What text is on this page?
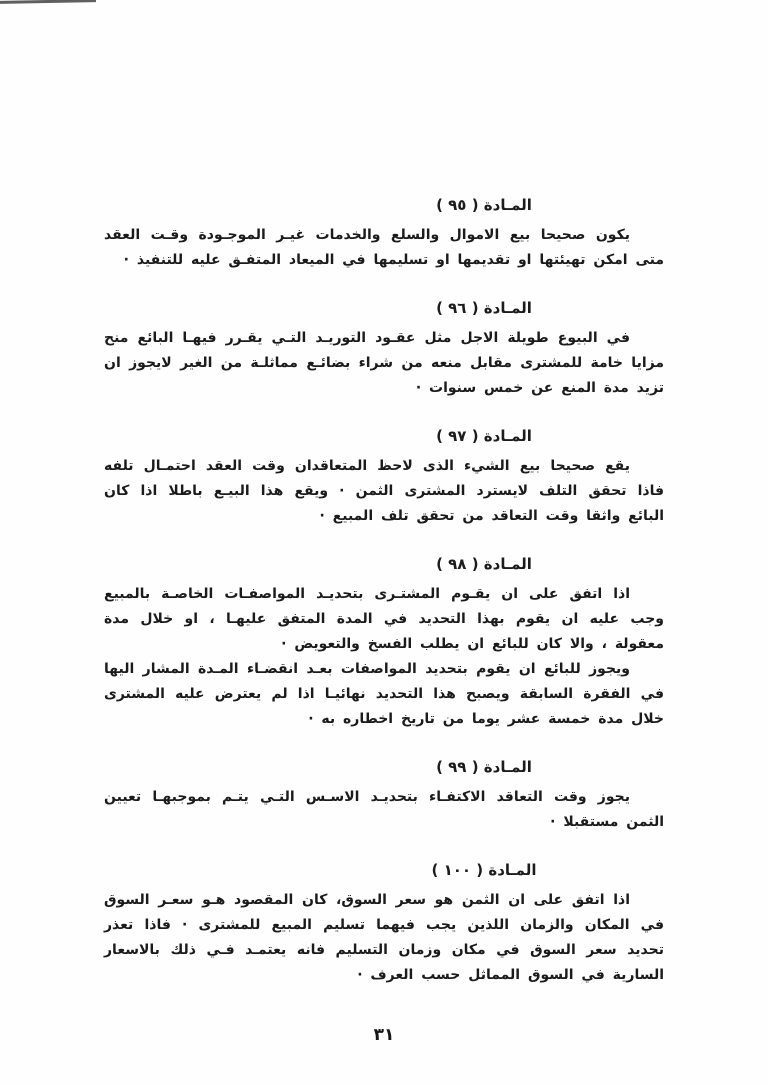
المـادة ( ٩٥ )

يكون صحيحا بيع الاموال والسلع والخدمات غيـر الموجـودة وقـت العقد متى امكن تهيئتها او تقديمها او تسليمها في الميعاد المتفـق عليه للتنفيذ ·

المـادة ( ٩٦ )

في البيوع طويلة الاجل مثل عقـود التوريـد التـي يقـرر فيهـا البائع منح مزايا خامة للمشترى مقابل منعه من شراء بضائـع مماثلـة من الغير لايجوز ان تزيد مدة المنع عن خمس سنوات ·

المـادة ( ٩٧ )

يقع صحيحا بيع الشيء الذى لاحظ المتعاقدان وقت العقد احتمـال تلفه فاذا تحقق التلف لايسترد المشترى الثمن · ويقع هذا البيـع باطلا اذا كان البائع واثقا وقت التعاقد من تحقق تلف المبيع ·

المـادة ( ٩٨ )

اذا اتفق على ان يقـوم المشتـرى بتحديـد المواصفـات الخاصـة بالمبيع وجب عليه ان يقوم بهذا التحديد في المدة المتفق عليهـا ، او خلال مدة معقولة ، والا كان للبائع ان يطلب الفسخ والتعويض ·

ويجوز للبائع ان يقوم بتحديد المواصفات بعـد انقضـاء المـدة المشار اليها في الفقرة السابقة ويصبح هذا التحديد نهائيـا اذا لم يعترض عليه المشترى خلال مدة خمسة عشر يوما من تاريخ اخطاره به ·

المـادة ( ٩٩ )

يجوز وقت التعاقد الاكتفـاء بتحديـد الاسـس التـي يتـم بموجبهـا تعيين الثمن مستقبلا ·

المـادة ( ١٠٠ )

اذا اتفق على ان الثمن هو سعر السوق، كان المقصود هـو سعـر السوق في المكان والزمان اللذين يجب فيهما تسليم المبيع للمشترى · فاذا تعذر تحديد سعر السوق في مكان وزمان التسليم فانه يعتمـد فـي ذلك بالاسعار السارية في السوق المماثل حسب العرف ·

٣١
